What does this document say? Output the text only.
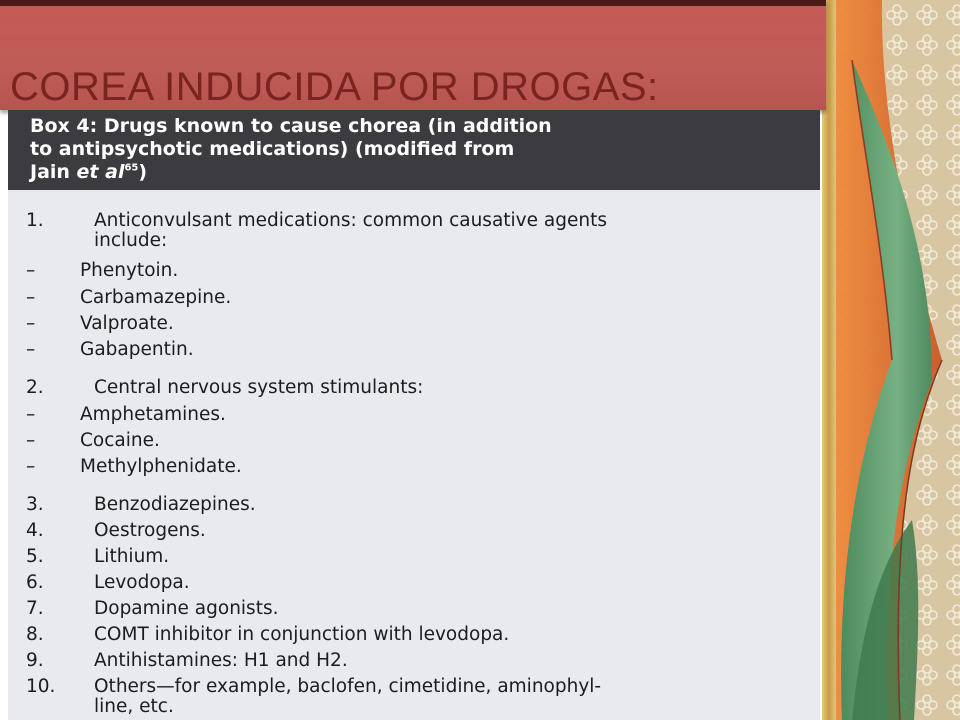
COREA INDUCIDA POR DROGAS:
Box 4: Drugs known to cause chorea (in addition
to antipsychotic medications) (modified from
Jain et $al^{65}$)
1.	Anticonvulsant medications: common causative agents
include:
– Phenytoin.
– Carbamazepine.
– Valproate.
– Gabapentin.
2.	Central nervous system stimulants:
– Amphetamines.
– Cocaine.
– Methylphenidate.
3.	Benzodiazepines.
4.	Oestrogens.
5.	Lithium.
6.	Levodopa.
7.	Dopamine agonists.
8.	COMT inhibitor in conjunction with levodopa.
9.	Antihistamines: H1 and H2.
10. Others—for example, baclofen, cimetidine, aminophyl-
line, etc.
